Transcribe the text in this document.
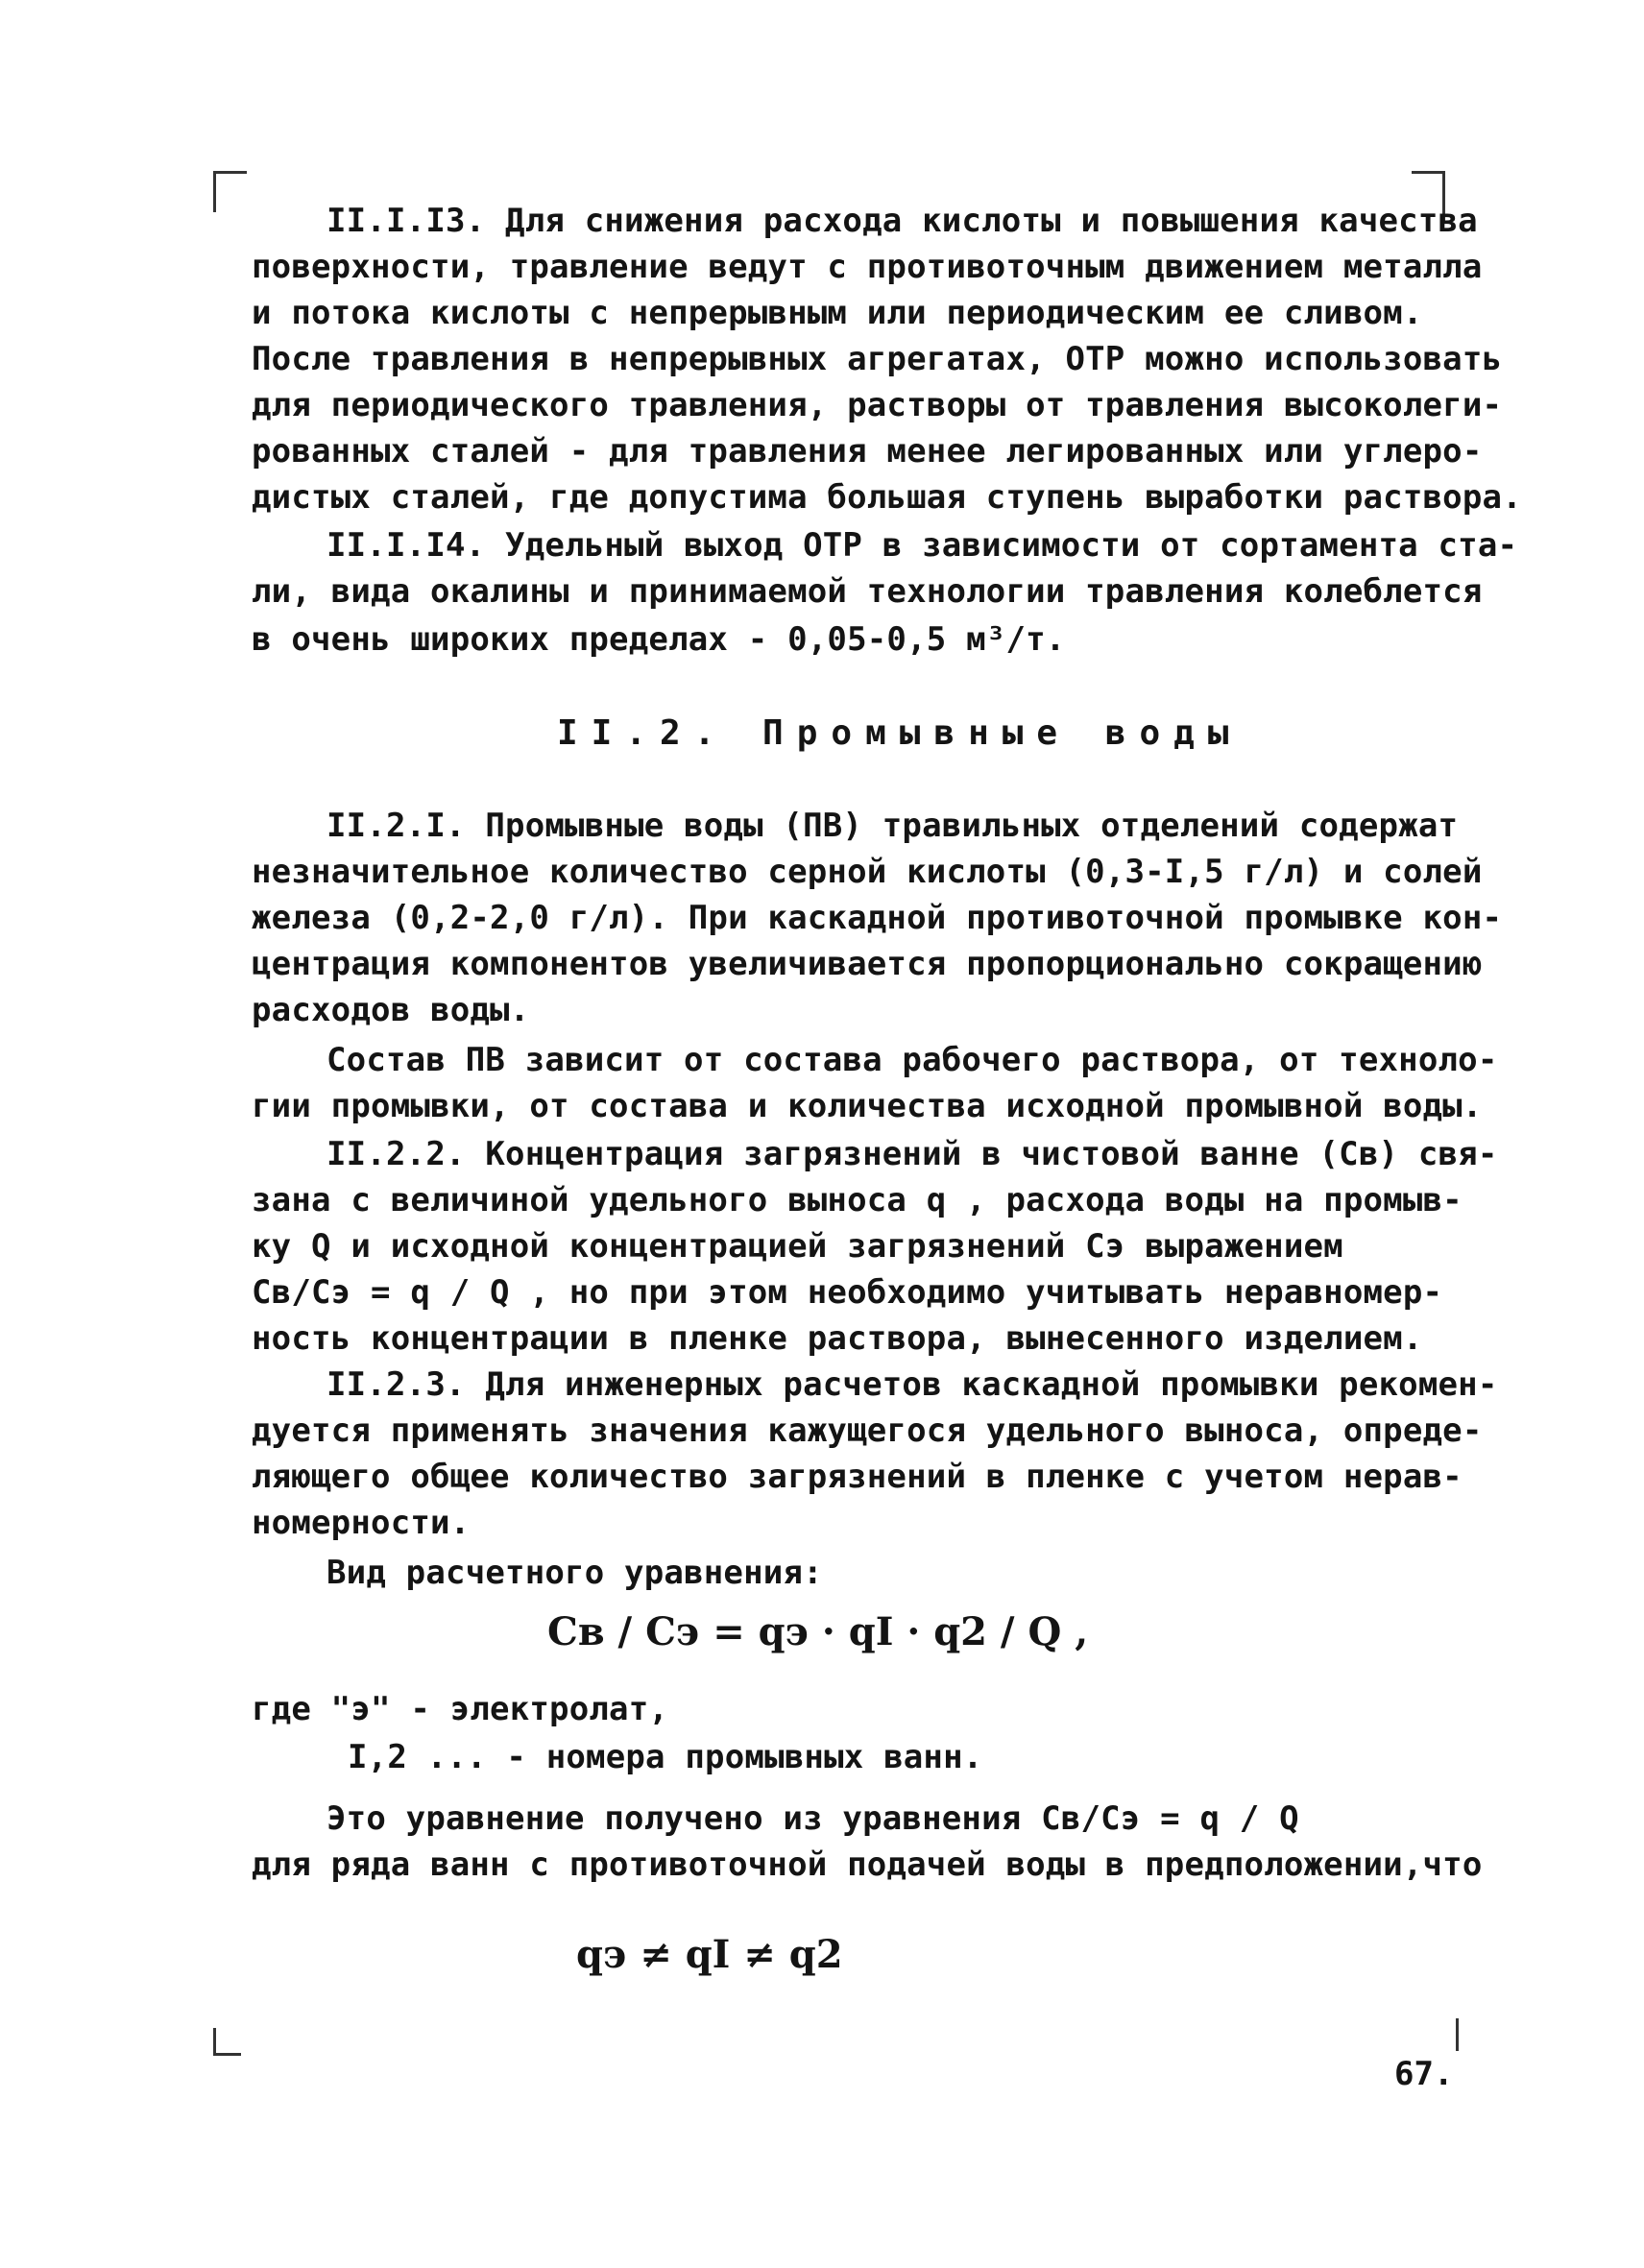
II.I.I3. Для снижения расхода кислоты и повышения качества
поверхности, травление ведут с противоточным движением металла
и потока кислоты с непрерывным или периодическим ее сливом.
После травления в непрерывных агрегатах, ОТР можно использовать
для периодического травления, растворы от травления высоколеги-
рованных сталей - для травления менее легированных или углеро-
дистых сталей, где допустима большая ступень выработки раствора.
II.I.I4. Удельный выход ОТР в зависимости от сортамента ста-
ли, вида окалины и принимаемой технологии травления колеблется
в очень широких пределах - 0,05-0,5 м³/т.
II.2. Промывные воды
II.2.I. Промывные воды (ПВ) травильных отделений содержат
незначительное количество серной кислоты (0,3-I,5 г/л) и солей
железа (0,2-2,0 г/л). При каскадной противоточной промывке кон-
центрация компонентов увеличивается пропорционально сокращению
расходов воды.
Состав ПВ зависит от состава рабочего раствора, от техноло-
гии промывки, от состава и количества исходной промывной воды.
II.2.2. Концентрация загрязнений в чистовой ванне (Св) свя-
зана с величиной удельного выноса q , расхода воды на промыв-
ку Q и исходной концентрацией загрязнений Сэ выражением
Св/Сэ = q / Q , но при этом необходимо учитывать неравномер-
ность концентрации в пленке раствора, вынесенного изделием.
II.2.3. Для инженерных расчетов каскадной промывки рекомен-
дуется применять значения кажущегося удельного выноса, опреде-
ляющего общее количество загрязнений в пленке с учетом нерав-
номерности.
Вид расчетного уравнения:
Св / Сэ = qэ · qI · q2 / Q ,
где "э" - электролат,
I,2 ... - номера промывных ванн.
Это уравнение получено из уравнения Св/Сэ = q / Q
для ряда ванн с противоточной подачей воды в предположении,что
qэ ≠ qI ≠ q2
67.
